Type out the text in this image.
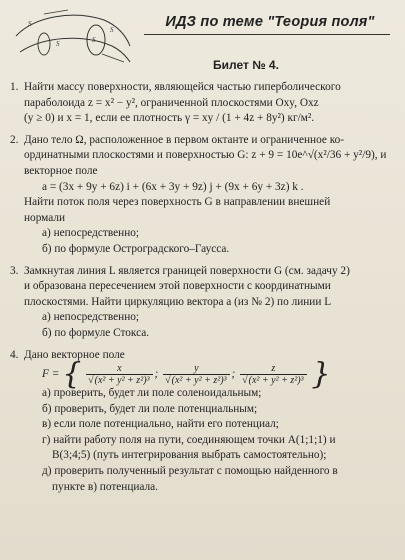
S
S	S
S	ИДЗ по теме "Теория поля"
Билет № 4.
1. Найти массу поверхности, являющейся частью гиперболического
параболоида z = x² − y², ограниченной плоскостями Oxy, Oxz
(y ≥ 0) и x = 1, если ее плотность γ = xy / (1 + 4z + 8y²) кг/м².
2. Дано тело Ω, расположенное в первом октанте и ограниченное ко-
ординатными плоскостями и поверхностью G: z + 9 = 10e^√(x²/36 + y²/9), и
векторное поле
a = (3x + 9y + 6z) i + (6x + 3y + 9z) j + (9x + 6y + 3z) k .
Найти поток поля через поверхность G в направлении внешней
нормали
а) непосредственно;
б) по формуле Остроградского–Гаусса.
3. Замкнутая линия L является границей поверхности G (см. задачу 2)
и образована пересечением этой поверхности с координатными
плоскостями. Найти циркуляцию вектора a (из № 2) по линии L
а) непосредственно;
б) по формуле Стокса.
4. Дано векторное поле
F = { $\frac{x}{\text{√(x² + y² + z²)³}}$ ; $\frac{y}{\text{√(x² + y² + z²)³}}$ ; $\frac{z}{\text{√(x² + y² + z²)³}}$ }
а) проверить, будет ли поле соленоидальным;
б) проверить, будет ли поле потенциальным;
в) если поле потенциально, найти его потенциал;
г) найти работу поля на пути, соединяющем точки A(1;1;1) и
B(3;4;5) (путь интегрирования выбрать самостоятельно);
д) проверить полученный результат с помощью найденного в
пункте в) потенциала.
